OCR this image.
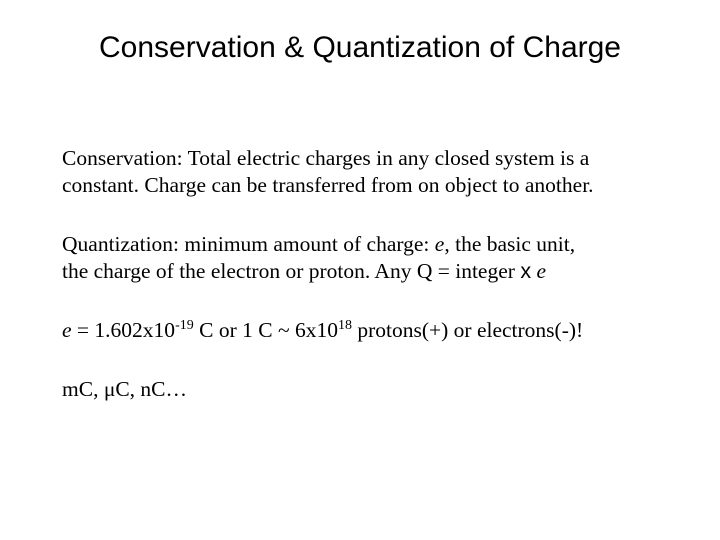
Conservation & Quantization of Charge

Conservation: Total electric charges in any closed system is a
constant. Charge can be transferred from on object to another.

Quantization: minimum amount of charge: e, the basic unit,
the charge of the electron or proton. Any Q = integer x e

$e = 1.602x10^{-19}$ C or 1 C ~ $6x10^{18}$ protons(+) or electrons(-)!

mC, μC, nC…
